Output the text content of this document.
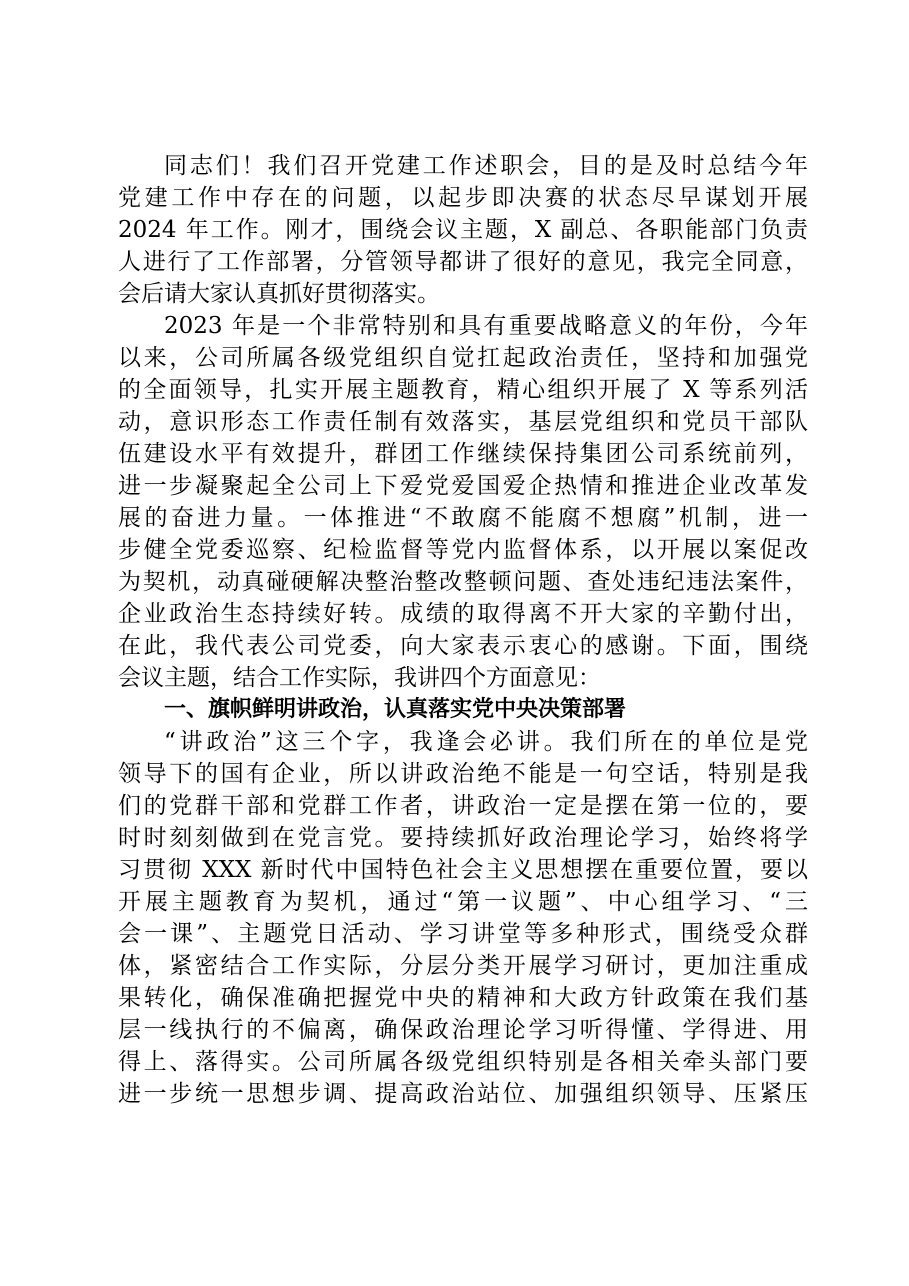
同志们！我们召开党建工作述职会，目的是及时总结今年
党建工作中存在的问题，以起步即决赛的状态尽早谋划开展
2024 年工作。刚才，围绕会议主题，X 副总、各职能部门负责
人进行了工作部署，分管领导都讲了很好的意见，我完全同意，
会后请大家认真抓好贯彻落实。
2023 年是一个非常特别和具有重要战略意义的年份，今年
以来，公司所属各级党组织自觉扛起政治责任，坚持和加强党
的全面领导，扎实开展主题教育，精心组织开展了 X 等系列活
动，意识形态工作责任制有效落实，基层党组织和党员干部队
伍建设水平有效提升，群团工作继续保持集团公司系统前列，
进一步凝聚起全公司上下爱党爱国爱企热情和推进企业改革发
展的奋进力量。一体推进“不敢腐不能腐不想腐”机制，进一
步健全党委巡察、纪检监督等党内监督体系，以开展以案促改
为契机，动真碰硬解决整治整改整顿问题、查处违纪违法案件，
企业政治生态持续好转。成绩的取得离不开大家的辛勤付出，
在此，我代表公司党委，向大家表示衷心的感谢。下面，围绕
会议主题，结合工作实际，我讲四个方面意见：
一、旗帜鲜明讲政治，认真落实党中央决策部署
“讲政治”这三个字，我逢会必讲。我们所在的单位是党
领导下的国有企业，所以讲政治绝不能是一句空话，特别是我
们的党群干部和党群工作者，讲政治一定是摆在第一位的，要
时时刻刻做到在党言党。要持续抓好政治理论学习，始终将学
习贯彻 XXX 新时代中国特色社会主义思想摆在重要位置，要以
开展主题教育为契机，通过“第一议题”、中心组学习、“三
会一课”、主题党日活动、学习讲堂等多种形式，围绕受众群
体，紧密结合工作实际，分层分类开展学习研讨，更加注重成
果转化，确保准确把握党中央的精神和大政方针政策在我们基
层一线执行的不偏离，确保政治理论学习听得懂、学得进、用
得上、落得实。公司所属各级党组织特别是各相关牵头部门要
进一步统一思想步调、提高政治站位、加强组织领导、压紧压
